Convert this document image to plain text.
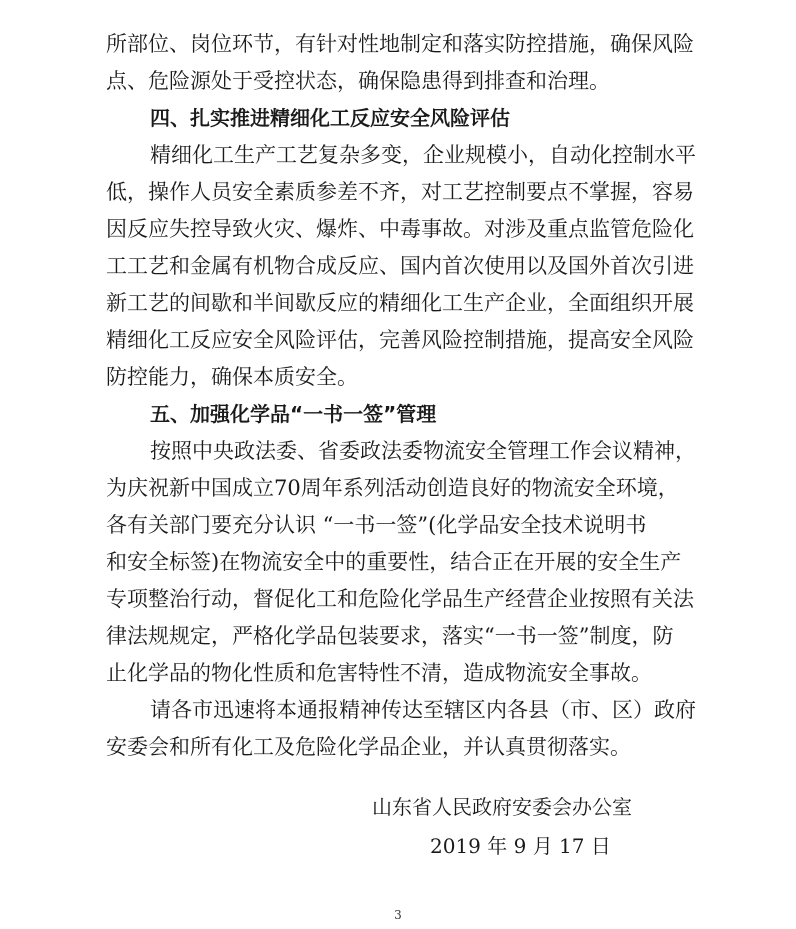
所部位、岗位环节，有针对性地制定和落实防控措施，确保风险
点、危险源处于受控状态，确保隐患得到排查和治理。
四、扎实推进精细化工反应安全风险评估
精细化工生产工艺复杂多变，企业规模小，自动化控制水平
低，操作人员安全素质参差不齐，对工艺控制要点不掌握，容易
因反应失控导致火灾、爆炸、中毒事故。对涉及重点监管危险化
工工艺和金属有机物合成反应、国内首次使用以及国外首次引进
新工艺的间歇和半间歇反应的精细化工生产企业，全面组织开展
精细化工反应安全风险评估，完善风险控制措施，提高安全风险
防控能力，确保本质安全。
五、加强化学品“一书一签”管理
按照中央政法委、省委政法委物流安全管理工作会议精神，
为庆祝新中国成立70周年系列活动创造良好的物流安全环境，
各有关部门要充分认识 “一书一签”(化学品安全技术说明书
和安全标签)在物流安全中的重要性，结合正在开展的安全生产
专项整治行动，督促化工和危险化学品生产经营企业按照有关法
律法规规定，严格化学品包装要求，落实“一书一签”制度，防
止化学品的物化性质和危害特性不清，造成物流安全事故。
请各市迅速将本通报精神传达至辖区内各县（市、区）政府
安委会和所有化工及危险化学品企业，并认真贯彻落实。
山东省人民政府安委会办公室
2019 年 9 月 17 日
3
